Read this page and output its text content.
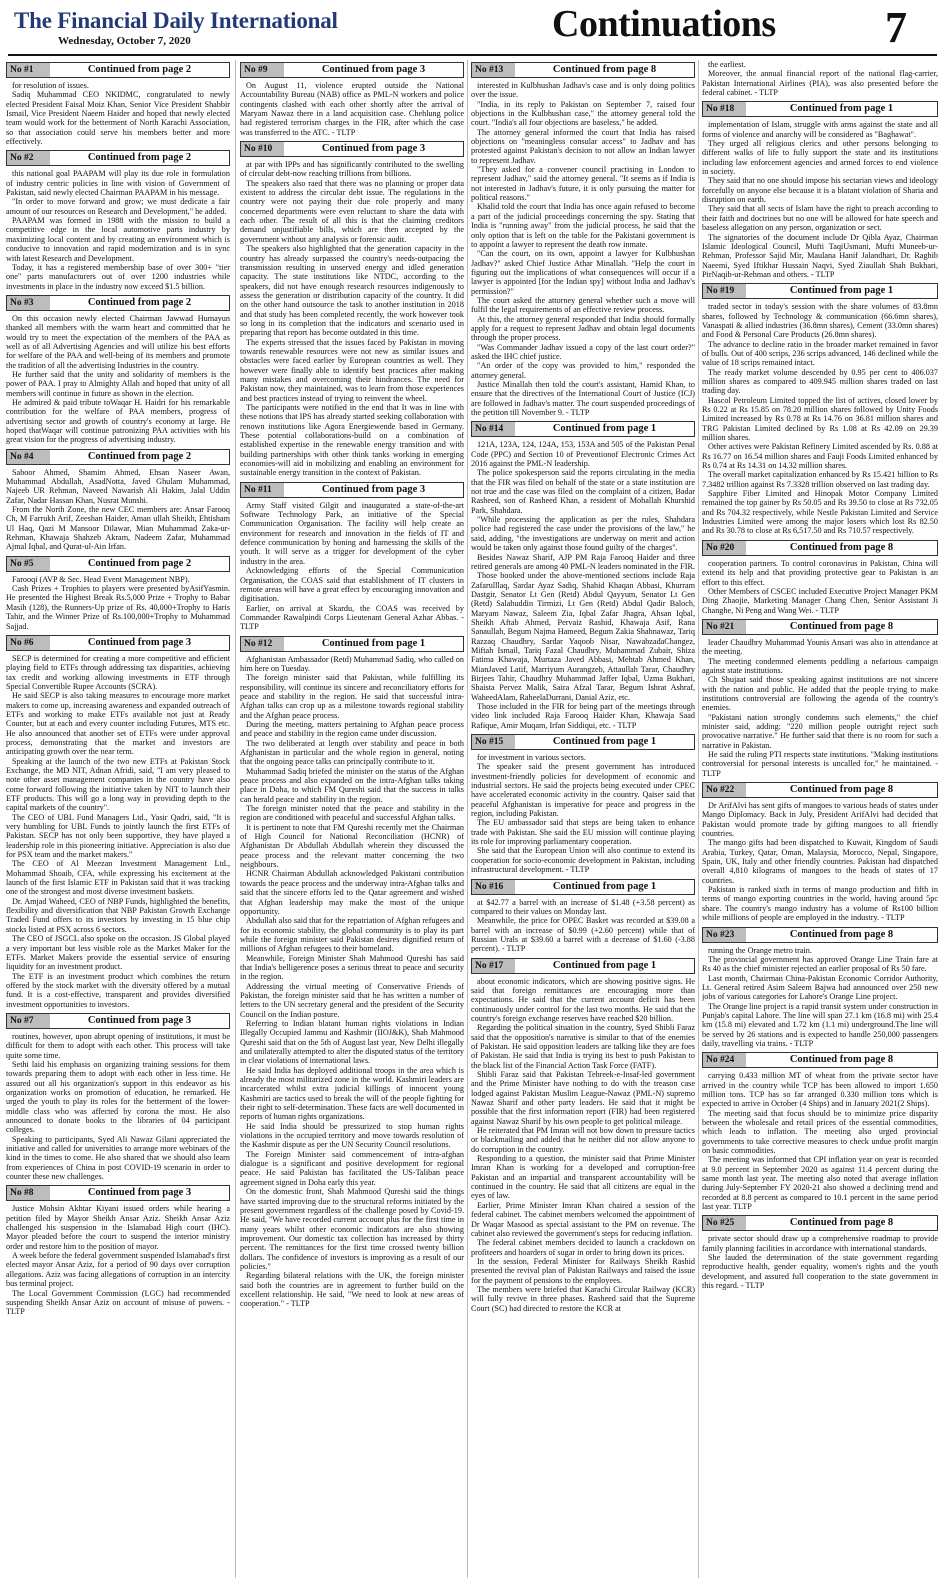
The Financial Daily International
Wednesday, October 7, 2020	Continuations 7
No #1	Continued from page 2

for resolution of issues.

Sadiq Muhammad CEO NKIDMC, congratulated to newly elected President Faisal Moiz Khan, Senior Vice President Shabbir Ismail, Vice President Naeem Haider and hoped that newly elected team would work for the betterment of North Karachi Association, so that association could serve his members better and more effectively.

No #2	Continued from page 2

this national goal PAAPAM will play its due role in formulation of industry centric policies in line with vision of Government of Pakistan, said newly elected Chairman PAAPAM in his message.

"In order to move forward and grow; we must dedicate a fair amount of our resources on Research and Development," he added.

PAAPAM was formed in 1988 with the mission to build a competitive edge in the local automotive parts industry by maximizing local content and by creating an environment which is conducive to innovation and rapid modernization and is in sync with latest Research and Development.

Today, it has a registered membership base of over 300+ "tier one" parts manufacturers out of over 1200 industries while investments in place in the industry now exceed $1.5 billion.

No #3	Continued from page 2

On this occasion newly elected Chairman Jawwad Humayun thanked all members with the warm heart and committed that he would try to meet the expectation of the members of the PAA as well as of all Advertising Agencies and will utilize his best efforts for welfare of the PAA and well-being of its members and promote the tradition of all the advertising Industries in the country.

He further said that the unity and solidarity of members is the power of PAA. I pray to Almighty Allah and hoped that unity of all members will continue in future as shown in the election.

He admired & paid tribute toWaqar H. Haidri for his remarkable contribution for the welfare of PAA members, progress of advertising sector and growth of country's economy at large. He hoped thatWaqar will continue patronizing PAA activities with his great vision for the progress of advertising industry.

No #4	Continued from page 2

Saboor Ahmed, Shamim Ahmed, Ehsan Naseer Awan, Muhammad Abdullah, AsadNotta, Javed Ghulam Muhammad, Najeeb UR Rehman, Naveed Nawarish Ali Hakim, Jalal Uddin Zafar, Nadar Hassan Khan, Nusrat Munshi.

From the North Zone, the new CEC members are: Ansar Farooq Ch, M Farrukh Arif, Zeeshan Haider, Aman ullah Sheikh, Ehtisham Ul Haq, Qazi M Mansoor Dilawar, Mian Muhammad Zaka-ur-Rehman, Khawaja Shahzeb Akram, Nadeem Zafar, Muhammad Ajmal Iqbal, and Qurat-ul-Ain Irfan.

No #5	Continued from page 2

Farooqi (AVP & Sec. Head Event Management NBP).

Cash Prizes + Trophies to players were presented byAsifYasmin. He presented the Highest Break Rs.5,000 Prize + Trophy to Babar Masih (128), the Runners-Up prize of Rs. 40,000+Trophy to Haris Tahir, and the Winner Prize of Rs.100,000+Trophy to Muhammad Sajjad.

No #6	Continued from page 3

SECP is determined for creating a more competitive and efficient playing field to ETFs through addressing tax disparities, achieving tax credit and working allowing investments in ETF through Special Convertible Rupee Accounts (SCRA).

He said SECP is also taking measures to encourage more market makers to come up, increasing awareness and expanded outreach of ETFs and working to make ETFs available not just at Ready Counter, but at each and every counter including Futures, MTS etc. He also announced that another set of ETFs were under approval process, demonstrating that the market and investors are anticipating growth over the near term.

Speaking at the launch of the two new ETFs at Pakistan Stock Exchange, the MD NIT, Adnan Afridi, said, "I am very pleased to note other asset management companies in the country have also come forward following the initiative taken by NIT to launch their ETF products. This will go a long way in providing depth to the capital markets of the country".

The CEO of UBL Fund Managers Ltd., Yasir Qadri, said, "It is very humbling for UBL Funds to jointly launch the first ETFs of Pakistan. SECP has not only been supportive, they have played a leadership role in this pioneering initiative. Appreciation is also due for PSX team and the market makers."

The CEO of Al Meezan Investment Management Ltd., Mohammad Shoaib, CFA, while expressing his excitement at the launch of the first Islamic ETF in Pakistan said that it was tracking one of the strongest and most diverse investment baskets.

Dr. Amjad Waheed, CEO of NBP Funds, highlighted the benefits, flexibility and diversification that NBP Pakistan Growth Exchange Traded Fund offers to its investors by investing in 15 blue chip stocks listed at PSX across 6 sectors.

The CEO of JSGCL also spoke on the occasion. JS Global played a very important but less visible role as the Market Maker for the ETFs. Market Makers provide the essential service of ensuring liquidity for an investment product.

The ETF is an investment product which combines the return offered by the stock market with the diversity offered by a mutual fund. It is a cost-effective, transparent and provides diversified investment opportunities to investors.

No #7	Continued from page 3

routines, however, upon abrupt opening of institutions, it must be difficult for them to adopt with each other. This process will take quite some time.

Sethi laid his emphasis on organizing training sessions for them towards preparing them to adopt with each other in less time. He assured out all his organization's support in this endeavor as his organization works on promotion of education, he remarked. He urged the youth to play its roles for the betterment of the lower-middle class who was affected by corona the most. He also announced to donate books to the libraries of 04 participant colleges.

Speaking to participants, Syed Ali Nawaz Gilani appreciated the initiative and called for universities to arrange more webinars of the kind in the times to come. He also shared that we should also learn from experiences of China in post COVID-19 scenario in order to counter these new challenges.

No #8	Continued from page 3

Justice Mohsin Akhtar Kiyani issued orders while hearing a petition filed by Mayor Sheikh Ansar Aziz. Sheikh Ansar Aziz challenged his suspension in the Islamabad High court (IHC). Mayor pleaded before the court to suspend the interior ministry order and restore him to the position of mayor.

A week before the federal government suspended Islamabad's first elected mayor Ansar Aziz, for a period of 90 days over corruption allegations. Aziz was facing allegations of corruption in an intercity bus terminal project.

The Local Government Commission (LGC) had recommended suspending Sheikh Ansar Aziz on account of misuse of powers. - TLTP

No #9	Continued from page 3

On August 11, violence erupted outside the National Accountability Bureau (NAB) office as PML-N workers and police contingents clashed with each other shortly after the arrival of Maryam Nawaz there in a land acquisition case. Chehlung police had registered terrorism charges in the FIR, after which the case was transferred to the ATC. - TLTP

No #10	Continued from page 3

at par with IPPs and has significantly contributed to the swelling of circular debt-now reaching trillions from billions.

The speakers also raed that there was no planning or proper data existent to address the circular debt issue. The regulations in the country were not paying their due role properly and many concerned departments were even reluctant to share the data with each other. The result of all this is that the claiming creditors demand unjustifiable bills, which are then accepted by the government without any analysis or forensic audit.

The speakers also highlighted that the generation capacity in the country has already surpassed the country's needs-outpacing the transmission resulting in unserved energy and idled generation capacity. The state institutions like NTDC, according to the speakers, did not have enough research resources indigenously to assess the generation or distribution capacity of the country. It did on the other hand outsource the task to another institution in 2018 and that study has been completed recently, the work however took so long in its completion that the indicators and scenario used in preparing that report has become outdated in this time.

The experts stressed that the issues faced by Pakistan in moving towards renewable resources were not new as similar issues and obstacles were faced earlier by European countries as well. They however were finally able to identify best practices after making many mistakes and overcoming their hindrances. The need for Pakistan now, they maintained, was to learn from those experiences and best practices instead of trying to reinvent the wheel.

The participants were notified in the end that It was in line with these notions that IPS has already started seeking collaboration with renown institutions like Agora Energiewende based in Germany. These potential collaborations-build on a combination of established expertise in the renewable energy transition and with building partnerships with other think tanks working in emerging economies-will aid in mobilizing and enabling an environment for sustainable energy transition in the context of Pakistan.

No #11	Continued from page 3

Army Staff visited Gilgit and inaugurated a state-of-the-art Software Technology Park, an initiative of the Special Communication Organisation. The facility will help create an environment for research and innovation in the fields of IT and defence communication by honing and harnessing the skills of the youth. It will serve as a trigger for development of the cyber industry in the area.

Acknowledging efforts of the Special Communication Organisation, the COAS said that establishment of IT clusters in remote areas will have a great effect by encouraging innovation and digitisation.

Earlier, on arrival at Skardu, the COAS was received by Commander Rawalpindi Corps Lieutenant General Azhar Abbas. - TLTP

No #12	Continued from page 1

Afghanistan Ambassador (Retd) Muhammad Sadiq, who called on him here on Tuesday.

The foreign minister said that Pakistan, while fulfilling its responsibility, will continue its sincere and reconciliatory efforts for peace and stability in the region. He said that successful intra-Afghan talks can crop up as a milestone towards regional stability and the Afghan peace process.

During the meeting, matters pertaining to Afghan peace process and peace and stability in the region came under discussion.

The two deliberated at length over stability and peace in both Afghanistan in particular and the whole region in general, noting that the ongoing peace talks can principally contribute to it.

Muhammad Sadiq briefed the minister on the status of the Afghan peace process and also expanded on the intra-Afghan talks taking place in Doha, to which FM Qureshi said that the success in talks can herald peace and stability in the region.

The foreign minister noted that the peace and stability in the region are conditioned with peaceful and successful Afghan talks.

It is pertinent to note that FM Qureshi recently met the Chairman of High Council for National Reconciliation (HCNR) of Afghanistan Dr Abdullah Abdullah wherein they discussed the peace process and the relevant matter concerning the two neighbours.

HCNR Chairman Abdullah acknowledged Pakistani contribution towards the peace process and the underway intra-Afghan talks and said that the sincere efforts led to the Qatar agreement and wished that Afghan leadership may make the most of the unique opportunity.

Abdullah also said that for the repatriation of Afghan refugees and for its economic stability, the global community is to play its part while the foreign minister said Pakistan desires dignified return of millions of Afghan refugees to their homeland.

Meanwhile, Foreign Minister Shah Mahmood Qureshi has said that India's belligerence poses a serious threat to peace and security in the region.

Addressing the virtual meeting of Conservative Friends of Pakistan, the foreign minister said that he has written a number of letters to the UN secretary general and the president of the Security Council on the Indian posture.

Referring to Indian blatant human rights violations in Indian Illegally Occupied Jammu and Kashmir (IIOJ&K), Shah Mahmood Qureshi said that on the 5th of August last year, New Delhi illegally and unilaterally attempted to alter the disputed status of the territory in clear violations of international laws.

He said India has deployed additional troops in the area which is already the most militarized zone in the world. Kashmiri leaders are incarcerated whilst extra judicial killings of innocent young Kashmiri are tactics used to break the will of the people fighting for their right to self-determination. These facts are well documented in reports of human rights organizations.

He said India should be pressurized to stop human rights violations in the occupied territory and move towards resolution of the Kashmir dispute as per the UN Security Council resolutions.

The Foreign Minister said commencement of intra-afghan dialogue is a significant and positive development for regional peace. He said Pakistan has facilitated the US-Taliban peace agreement signed in Doha early this year.

On the domestic front, Shah Mahmood Qureshi said the things have started improving due to the structural reforms initiated by the present government regardless of the challenge posed by Covid-19. He said, "We have recorded current account plus for the first time in many years whilst other economic indicators are also showing improvement. Our domestic tax collection has increased by thirty percent. The remittances for the first time crossed twenty billion dollars. The confidence of investors is improving as a result of our policies."

Regarding bilateral relations with the UK, the foreign minister said both the countries are in agreement to further build on the excellent relationship. He said, "We need to look at new areas of cooperation." - TLTP

No #13	Continued from page 8

interested in Kulbhushan Jadhav's case and is only doing politics over the issue.

"India, in its reply to Pakistan on September 7, raised four objections in the Kulbhushan case," the attorney general told the court. "India's all four objections are baseless," he added.

The attorney general informed the court that India has raised objections on "meaningless consular access" to Jadhav and has protested against Pakistan's decision to not allow an Indian lawyer to represent Jadhav.

"They asked for a convener council practising in London to represent Jadhav," said the attorney general. "It seems as if India is not interested in Jadhav's future, it is only pursuing the matter for political reasons."

Khalid told the court that India has once again refused to become a part of the judicial proceedings concerning the spy. Stating that India is "running away" from the judicial process, he said that the only option that is left on the table for the Pakistani government is to appoint a lawyer to represent the death row inmate.

"Can the court, on its own, appoint a lawyer for Kulbhushan Jadhav?" asked Chief Justice Athar Minallah. "Help the court in figuring out the implications of what consequences will occur if a lawyer is appointed [for the Indian spy] without India and Jadhav's permission?"

The court asked the attorney general whether such a move will fulfil the legal requirements of an effective review process.

At this, the attorney general responded that India should formally apply for a request to represent Jadhav and obtain legal documents through the proper process.

"Was Commander Jadhav issued a copy of the last court order?" asked the IHC chief justice.

"An order of the copy was provided to him," responded the attorney general.

Justice Minallah then told the court's assistant, Hamid Khan, to ensure that the directives of the International Court of Justice (ICJ) are followed in Jadhav's matter. The court suspended proceedings of the petition till November 9. - TLTP

No #14	Continued from page 1

121A, 123A, 124, 124A, 153, 153A and 505 of the Pakistan Penal Code (PPC) and Section 10 of Preventionof Electronic Crimes Act 2016 against the PML-N leadership.

The police spokesperson said the reports circulating in the media that the FIR was filed on behalf of the state or a state institution are not true and the case was filed on the complaint of a citizen, Badar Rasheed, son of Rasheed Khan, a resident of Mohallah Khurshid Park, Shahdara.

"While processing the application as per the rules, Shahdara police had registered the case under the provisions of the law," he said, adding, "the investigations are underway on merit and action would be taken only against those found guilty of the charges".

Besides Nawaz Sharif, AJP PM Raja Farooq Haider and three retired generals are among 40 PML-N leaders nominated in the FIR.

Those booked under the above-mentioned sections include Raja Zafarulllaq, Sardar Ayaz Sadiq, Shahid Khaqan Abbasi, Khurram Dastgir, Senator Lt Gen (Retd) Abdul Qayyum, Senator Lt Gen (Retd) Salahuddin Tirmizi, Lt Gen (Retd) Abdul Qadir Baloch, Maryam Nawaz, Saleem Zia, Iqbal Zafar Jhagra, Ahsan Iqbal, Sheikh Aftab Ahmed, Pervaiz Rashid, Khawaja Asif, Rana Sanaullah, Begum Najma Hameed, Begum Zakia Shahnawaz, Tariq Razzaq Chaudhry, Sardar Yaqoob Nisar, NawabzadaChangez, Miftah Ismail, Tariq Fazal Chaudhry, Muhammad Zubair, Shiza Fatima Khawaja, Murtaza Javed Abbasi, Mehtab Ahmed Khan, MianJaved Latif, Marriyum Aurangzeb, Attaullah Tarar, Chaudhry Birjees Tahir, Chaudhry Muhammad Jaffer Iqbal, Uzma Bukhari, Shaista Pervez Malik, Saira Afzal Tarar, Begum Ishrat Ashraf, WaheedAlam, RaheelaDurrani, Danial Aziz, etc.

Those included in the FIR for being part of the meetings through video link included Raja Farooq Haider Khan, Khawaja Saad Rafique, Amir Muqam, Irfan Siddiqui, etc. - TLTP

No #15	Continued from page 1

for investment in various sectors.

The speaker said the present government has introduced investment-friendly policies for development of economic and industrial sectors. He said the projects being executed under CPEC have accelerated economic activity in the country. Qaiser said that peaceful Afghanistan is imperative for peace and progress in the region, including Pakistan.

The EU ambassador said that steps are being taken to enhance trade with Pakistan. She said the EU mission will continue playing its role for improving parliamentary cooperation.

She said that the European Union will also continue to extend its cooperation for socio-economic development in Pakistan, including infrastructural development. - TLTP

No #16	Continued from page 1

at $42.77 a barrel with an increase of $1.48 (+3.58 percent) as compared to their values on Monday last.

Meanwhile, the price for OPEC Basket was recorded at $39.08 a barrel with an increase of $0.99 (+2.60 percent) while that of Russian Urals at $39.60 a barrel with a decrease of $1.60 (-3.88 percent). - TLTP

No #17	Continued from page 1

about economic indicators, which are showing positive signs. He said that foreign remittances are encouraging more than expectations. He said that the current account deficit has been continuously under control for the last two months. He said that the country's foreign exchange reserves have reached $20 billion.

Regarding the political situation in the country, Syed Shibli Faraz said that the opposition's narrative is similar to that of the enemies of Pakistan. He said opposition leaders are talking like they are foes of Pakistan. He said that India is trying its best to push Pakistan to the black list of the Financial Action Task Force (FATF).

Shibli Faraz said that Pakistan Tehreek-e-Insaf-led government and the Prime Minister have nothing to do with the treason case lodged against Pakistan Muslim League-Nawaz (PML-N) supremo Nawaz Sharif and other party leaders. He said that it might be possible that the first information report (FIR) had been registered against Nawaz Sharif by his own people to get political mileage.

He reiterated that PM Imran will not bow down to pressure tactics or blackmailing and added that he neither did nor allow anyone to do corruption in the country.

Responding to a question, the minister said that Prime Minister Imran Khan is working for a developed and corruption-free Pakistan and an impartial and transparent accountability will be continued in the country. He said that all citizens are equal in the eyes of law.

Earlier, Prime Minister Imran Khan chaired a session of the federal cabinet. The cabinet members welcomed the appointment of Dr Waqar Masood as special assistant to the PM on revenue. The cabinet also reviewed the government's steps for reducing inflation.

The federal cabinet members decided to launch a crackdown on profiteers and hoarders of sugar in order to bring down its prices.

In the session, Federal Minister for Railways Sheikh Rashid presented the revival plan of Pakistan Railways and raised the issue for the payment of pensions to the employees.

The members were briefed that Karachi Circular Railway (KCR) will fully revive in three phases. Rasheed said that the Supreme Court (SC) had directed to restore the KCR at

the earliest.

Moreover, the annual financial report of the national flag-carrier, Pakistan International Airlines (PIA), was also presented before the federal cabinet. - TLTP

No #18	Continued from page 1

implementation of Islam, struggle with arms against the state and all forms of violence and anarchy will be considered as "Baghawat".

They urged all religious clerics and other persons belonging to different walks of life to fully support the state and its institutions including law enforcement agencies and armed forces to end violence in society.

They said that no one should impose his sectarian views and ideology forcefully on anyone else because it is a blatant violation of Sharia and disruption on earth.

They said that all sects of Islam have the right to preach according to their faith and doctrines but no one will be allowed for hate speech and baseless allegation on any person, organization or sect.

The signatories of the document include Dr Qibla Ayaz, Chairman Islamic Ideological Council, Mufti TaqiUsmani, Mufti Muneeb-ur-Rehman, Professor Sajid Mir, Maulana Hanif Jalandhari, Dr. Raghib Naeemi, Syed Iftikhar Hussain Naqvi, Syed Ziaullah Shah Bukhari, PirNaqib-ur-Rehman and others. - TLTP

No #19	Continued from page 1

traded sector in today's session with the share volumes of 83.8mn shares, followed by Technology & communication (66.6mn shares), Vanaspati & allied industries (36.8mn shares), Cement (33.0mn shares) and Food & Personal Care Products (26.8mn shares).

The advance to decline ratio in the broader market remained in favor of bulls. Out of 400 scrips, 236 scrips advanced, 146 declined while the value of 18 scrips remained intact.

The ready market volume descended by 0.95 per cent to 406.037 million shares as compared to 409.945 million shares traded on last trading day.

Hascol Petroleum Limited topped the list of actives, closed lower by Rs 0.22 at Rs 15.85 on 78.20 million shares followed by Unity Foods Limited increased by Rs 0.78 at Rs 14.76 on 36.81 million shares and TRG Pakistan Limited declined by Rs 1.08 at Rs 42.09 on 29.39 million shares.

Other actives were Pakistan Refinery Limited ascended by Rs. 0.88 at Rs 16.77 on 16.54 million shares and Fauji Foods Limited enhanced by Rs 0.74 at Rs 14.31 on 14.32 million shares.

The overall market capitalization enhanced by Rs 15.421 billion to Rs 7.3482 trillion against Rs 7.3328 trillion observed on last trading day.

Sapphire Fiber Limited and Hinopak Motor Company Limited remained the top gainer by Rs 50.05 and Rs 39.50 to close at Rs 732.05 and Rs 704.32 respectively, while Nestle Pakistan Limited and Service Industries Limited were among the major losers which lost Rs 82.50 and Rs 30.78 to close at Rs 6,517.50 and Rs 710.57 respectively.

No #20	Continued from page 8

cooperation partners. To control coronavirus in Pakistan, China will extend its help and that providing protective gear to Pakistan is an effort to this effect.

Other Members of CSCEC included Executive Project Manager PKM Ding Zhaojie, Marketing Manager Chang Chen, Senior Assistant Ji Changhe, Ni Peng and Wang Wei. - TLTP

No #21	Continued from page 8

leader Chaudhry Muhammad Younis Ansari was also in attendance at the meeting.

The meeting condemned elements peddling a nefarious campaign against state institutions.

Ch Shujaat said those speaking against institutions are not sincere with the nation and public. He added that the people trying to make institutions controversial are following the agenda of the country's enemies.

"Pakistani nation strongly condemns such elements," the chief minister said, adding: "220 million people outright reject such provocative narrative." He further said that there is no room for such a narrative in Pakistan.

He said the ruling PTI respects state institutions. "Making institutions controversial for personal interests is uncalled for," he maintained. - TLTP

No #22	Continued from page 8

Dr ArifAlvi has sent gifts of mangoes to various heads of states under Mango Diplomacy. Back in July, President ArifAlvi had decided that Pakistan would promote trade by gifting mangoes to all friendly countries.

The mango gifts had been dispatched to Kuwait, Kingdom of Saudi Arabia, Turkey, Qatar, Oman, Malaysia, Morocco, Nepal, Singapore, Spain, UK, Italy and other friendly countries. Pakistan had dispatched overall 4,810 kilograms of mangoes to the heads of states of 17 countries.

Pakistan is ranked sixth in terms of mango production and fifth in terms of mango exporting countries in the world, having around 5pc share. The country's mango industry has a volume of Rs100 billion while millions of people are employed in the industry. - TLTP

No #23	Continued from page 8

running the Orange metro train.

The provincial government has approved Orange Line Train fare at Rs 40 as the chief minister rejected an earlier proposal of Rs 50 fare.

Last month, Chairman China-Pakistan Economic Corridor Authority, Lt. General retired Asim Saleem Bajwa had announced over 250 new jobs of various categories for Lahore's Orange Line project.

The Orange line project is a rapid transit system under construction in Punjab's capital Lahore. The line will span 27.1 km (16.8 mi) with 25.4 km (15.8 mi) elevated and 1.72 km (1.1 mi) underground.The line will be served by 26 stations and is expected to handle 250,000 passengers daily, travelling via trains. - TLTP

No #24	Continued from page 8

carrying 0.433 million MT of wheat from the private sector have arrived in the country while TCP has been allowed to import 1.650 million tons. TCP has so far arranged 0.330 million tons which is expected to arrive in October (4 Ships) and in January 2021(2 Ships).

The meeting said that focus should be to minimize price disparity between the wholesale and retail prices of the essential commodities, which leads to inflation. The meeting also urged provincial governments to take corrective measures to check undue profit margin on basic commodities.

The meeting was informed that CPI inflation year on year is recorded at 9.0 percent in September 2020 as against 11.4 percent during the same month last year. The meeting also noted that average inflation during July-September FY 2020-21 also showed a declining trend and recorded at 8.8 percent as compared to 10.1 percent in the same period last year. TLTP

No #25	Continued from page 8

private sector should draw up a comprehensive roadmap to provide family planning facilities in accordance with international standards.

She lauded the determination of the state government regarding reproductive health, gender equality, women's rights and the youth development, and assured full cooperation to the state government in this regard. - TLTP
